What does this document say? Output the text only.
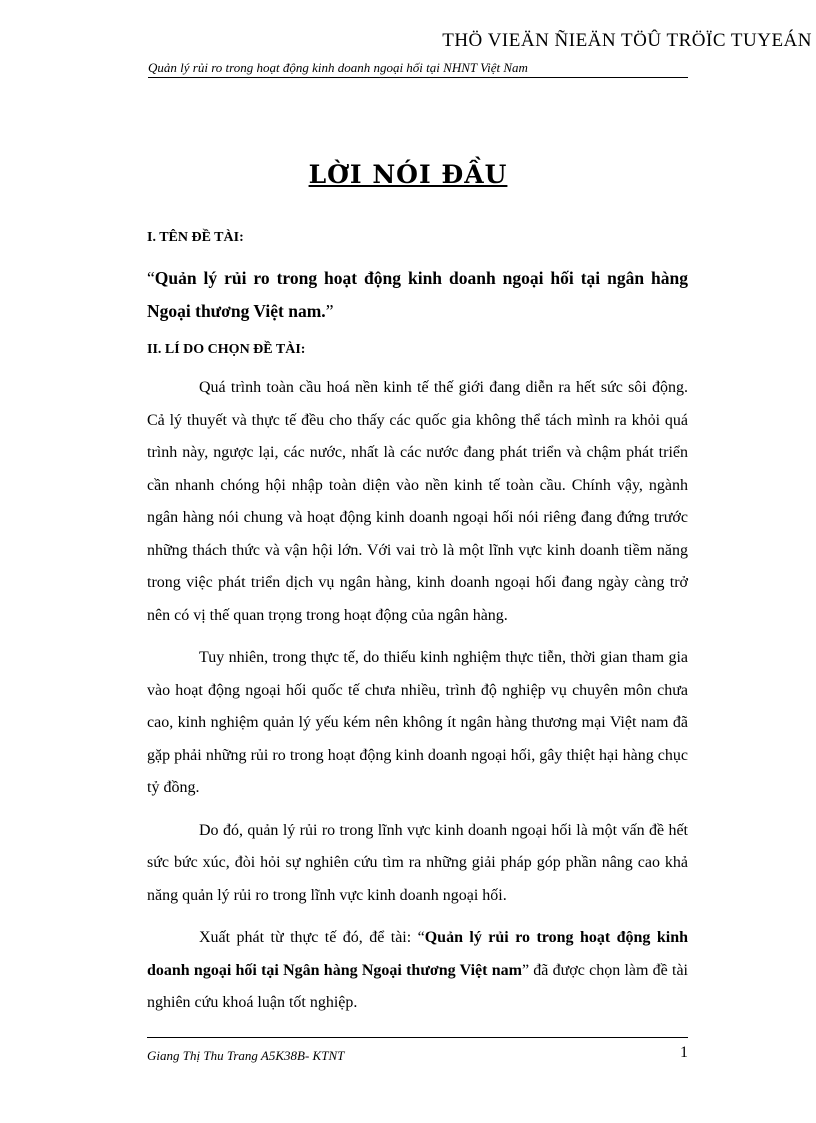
THÖ VIEÄN ÑIEÄN TÖÛ TRÖÏC TUYEÁN
Quản lý rủi ro trong hoạt động kinh doanh ngoại hối tại NHNT Việt Nam
LỜI NÓI ĐẦU

I. TÊN ĐỀ TÀI:

“Quản lý rủi ro trong hoạt động kinh doanh ngoại hối tại ngân hàng Ngoại thương Việt nam.”

II. LÍ DO CHỌN ĐỀ TÀI:

Quá trình toàn cầu hoá nền kinh tế thế giới đang diễn ra hết sức sôi động. Cả lý thuyết và thực tế đều cho thấy các quốc gia không thể tách mình ra khỏi quá trình này, ngược lại, các nước, nhất là các nước đang phát triển và chậm phát triển cần nhanh chóng hội nhập toàn diện vào nền kinh tế toàn cầu. Chính vậy, ngành ngân hàng nói chung và hoạt động kinh doanh ngoại hối nói riêng đang đứng trước những thách thức và vận hội lớn. Với vai trò là một lĩnh vực kinh doanh tiềm năng trong việc phát triển dịch vụ ngân hàng, kinh doanh ngoại hối đang ngày càng trở nên có vị thế quan trọng trong hoạt động của ngân hàng.

Tuy nhiên, trong thực tế, do thiếu kinh nghiệm thực tiễn, thời gian tham gia vào hoạt động ngoại hối quốc tế chưa nhiều, trình độ nghiệp vụ chuyên môn chưa cao, kinh nghiệm quản lý yếu kém nên không ít ngân hàng thương mại Việt nam đã gặp phải những rủi ro trong hoạt động kinh doanh ngoại hối, gây thiệt hại hàng chục tỷ đồng.

Do đó, quản lý rủi ro trong lĩnh vực kinh doanh ngoại hối là một vấn đề hết sức bức xúc, đòi hỏi sự nghiên cứu tìm ra những giải pháp góp phần nâng cao khả năng quản lý rủi ro trong lĩnh vực kinh doanh ngoại hối.

Xuất phát từ thực tế đó, để tài: “Quản lý rủi ro trong hoạt động kinh doanh ngoại hối tại Ngân hàng Ngoại thương Việt nam” đã được chọn làm đề tài nghiên cứu khoá luận tốt nghiệp.

Giang Thị Thu Trang A5K38B- KTNT	1
